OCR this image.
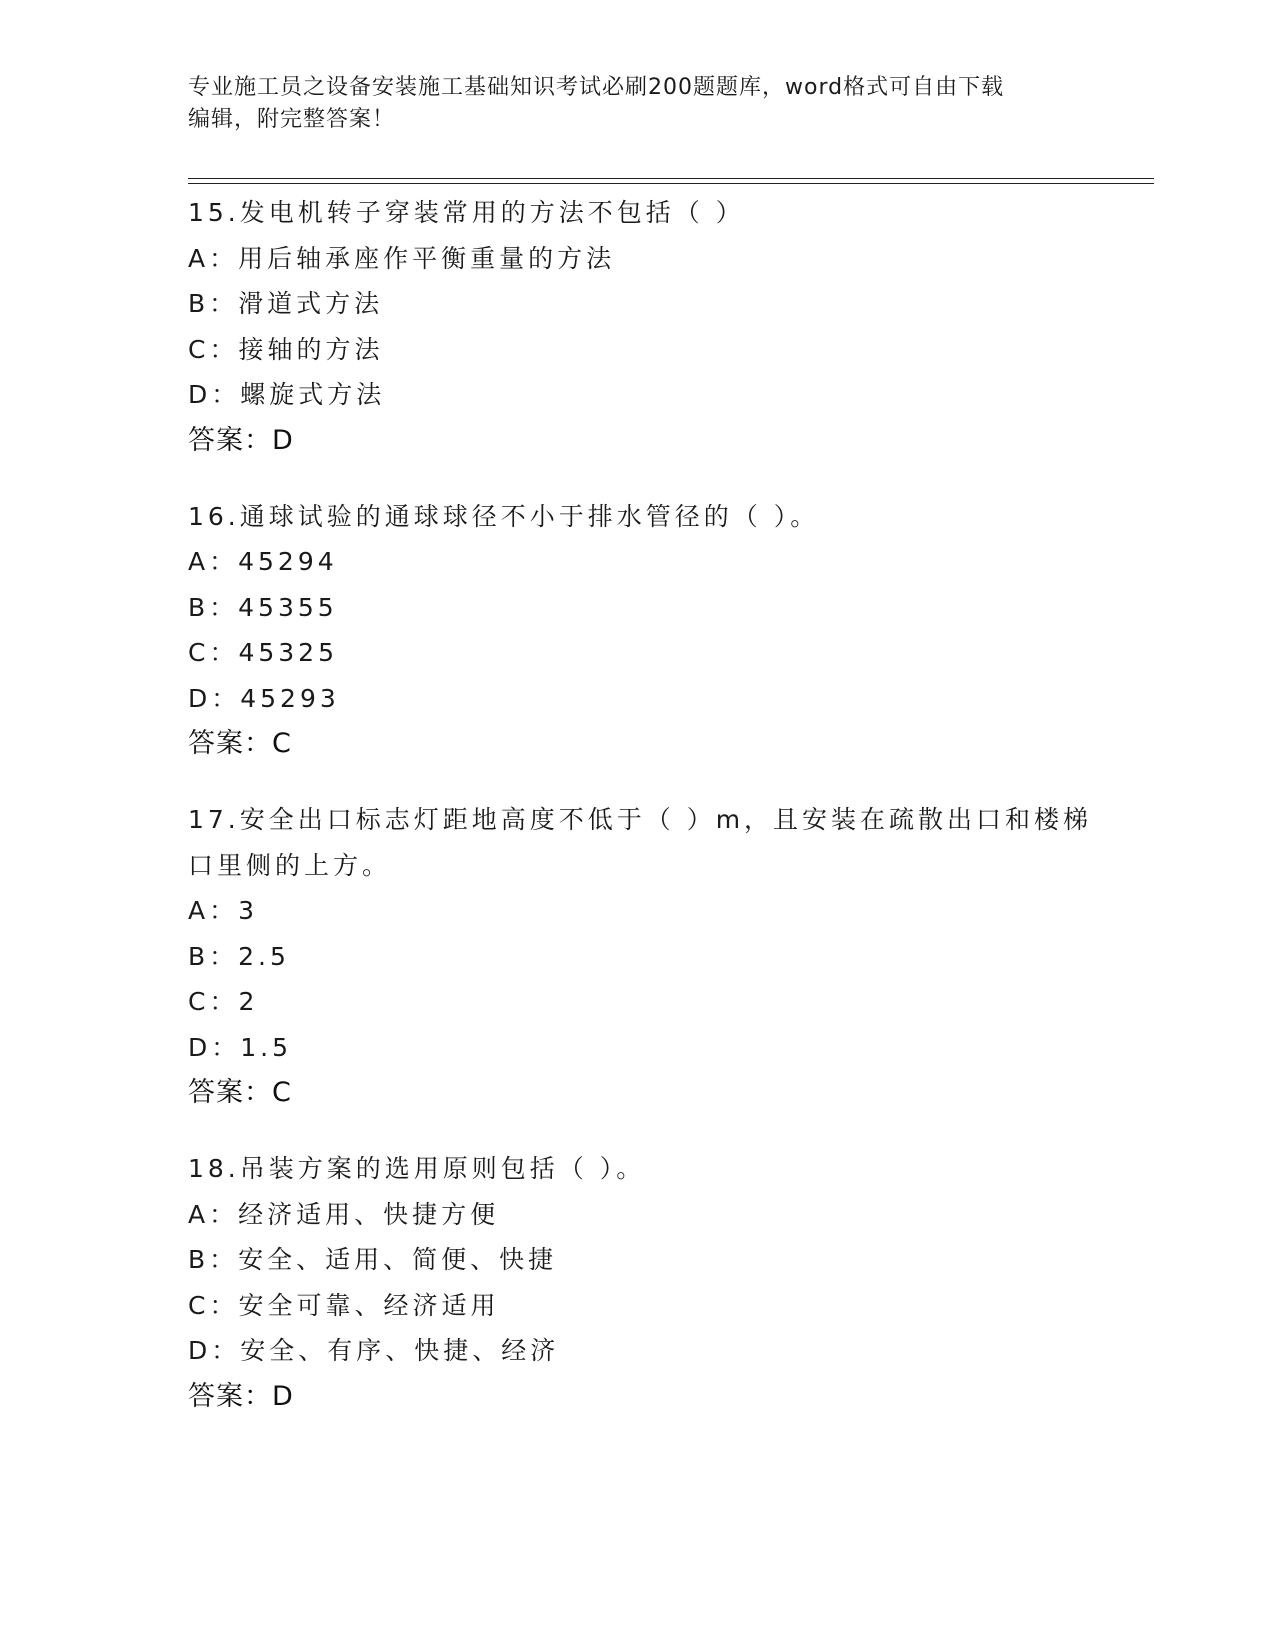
专业施工员之设备安装施工基础知识考试必刷200题题库，word格式可自由下载
编辑，附完整答案！

15.发电机转子穿装常用的方法不包括（ ）

A：用后轴承座作平衡重量的方法

B：滑道式方法

C：接轴的方法

D：螺旋式方法

答案：D

16.通球试验的通球球径不小于排水管径的（ ）。

A：45294

B：45355

C：45325

D：45293

答案：C

17.安全出口标志灯距地高度不低于（ ）m，且安装在疏散出口和楼梯

口里侧的上方。

A：3

B：2.5

C：2

D：1.5

答案：C

18.吊装方案的选用原则包括（ ）。

A：经济适用、快捷方便

B：安全、适用、简便、快捷

C：安全可靠、经济适用

D：安全、有序、快捷、经济

答案：D
